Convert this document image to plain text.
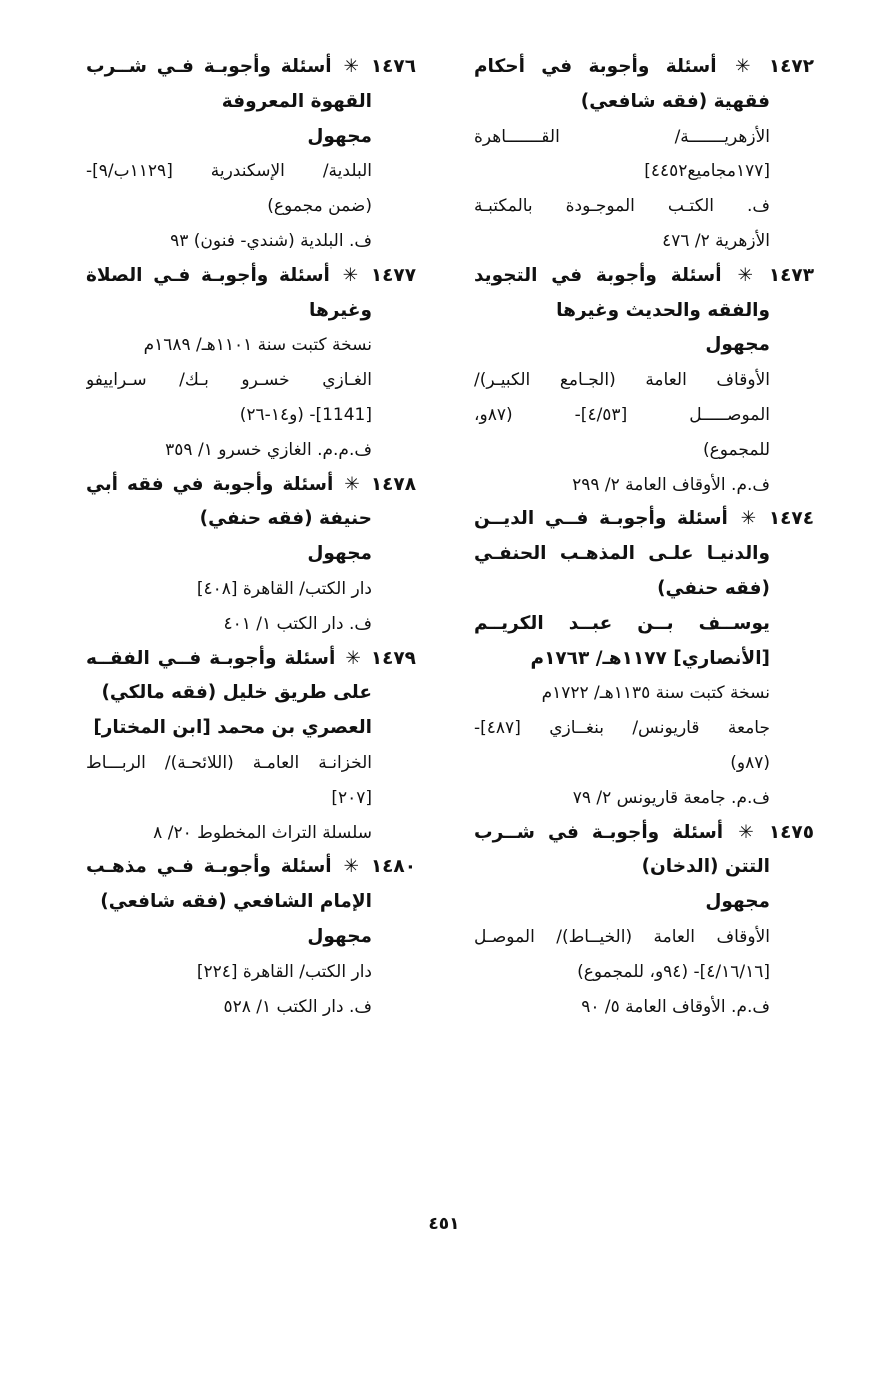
١٤٧٢ ✳ أسئلة وأجوبة في أحكام
فقهية (فقه شافعي)
الأزهريـــــــة/ القـــــــاهرة
[١٧٧مجاميع٤٤٥٢]
ف. الكتـب الموجـودة بالمكتبـة
الأزهرية ٢/ ٤٧٦
١٤٧٣ ✳ أسئلة وأجوبة في التجويد
والفقه والحديث وغيرها
مجهول
الأوقاف العامة (الجـامع الكبيـر)/
الموصـــــل [٤/٥٣]- (٨٧و،
للمجموع)
ف.م. الأوقاف العامة ٢/ ٢٩٩
١٤٧٤ ✳ أسئلة وأجوبـة فــي الديــن
والدنيـا علـى المذهـب الحنفـي
(فقه حنفي)
يوســف بــن عبــد الكريــم
[الأنصاري] ١١٧٧هـ/ ١٧٦٣م
نسخة كتبت سنة ١١٣٥هـ/ ١٧٢٢م
جامعة قاريونس/ بنغــازي [٤٨٧]-
(٨٧و)
ف.م. جامعة قاريونس ٢/ ٧٩
١٤٧٥ ✳ أسئلة وأجوبـة في شــرب
التتن (الدخان)
مجهول
الأوقاف العامة (الخيــاط)/ الموصـل
[٤/١٦/١٦]- (٩٤و، للمجموع)
ف.م. الأوقاف العامة ٥/ ٩٠
١٤٧٦ ✳ أسئلة وأجوبـة فـي شــرب
القهوة المعروفة
مجهول
البلدية/ الإسكندرية [١١٢٩ب/٩]-
(ضمن مجموع)
ف. البلدية (شندي- فنون) ٩٣
١٤٧٧ ✳ أسئلة وأجوبـة فـي الصلاة
وغيرها
نسخة كتبت سنة ١١٠١هـ/ ١٦٨٩م
الغـازي خسـرو بـك/ سـراييفو
[1141]- (و١٤-٢٦)
ف.م.م. الغازي خسرو ١/ ٣٥٩
١٤٧٨ ✳ أسئلة وأجوبة في فقه أبي
حنيفة (فقه حنفي)
مجهول
دار الكتب/ القاهرة [٤٠٨]
ف. دار الكتب ١/ ٤٠١
١٤٧٩ ✳ أسئلة وأجوبـة فــي الفقــه
على طريق خليل (فقه مالكي)
العصري بن محمد [ابن المختار]
الخزانـة العامـة (اللائحـة)/ الربـــاط
[٢٠٧]
سلسلة التراث المخطوط ٢٠/ ٨
١٤٨٠ ✳ أسئلة وأجوبـة فـي مذهـب
الإمام الشافعي (فقه شافعي)
مجهول
دار الكتب/ القاهرة [٢٢٤]
ف. دار الكتب ١/ ٥٢٨
٤٥١
